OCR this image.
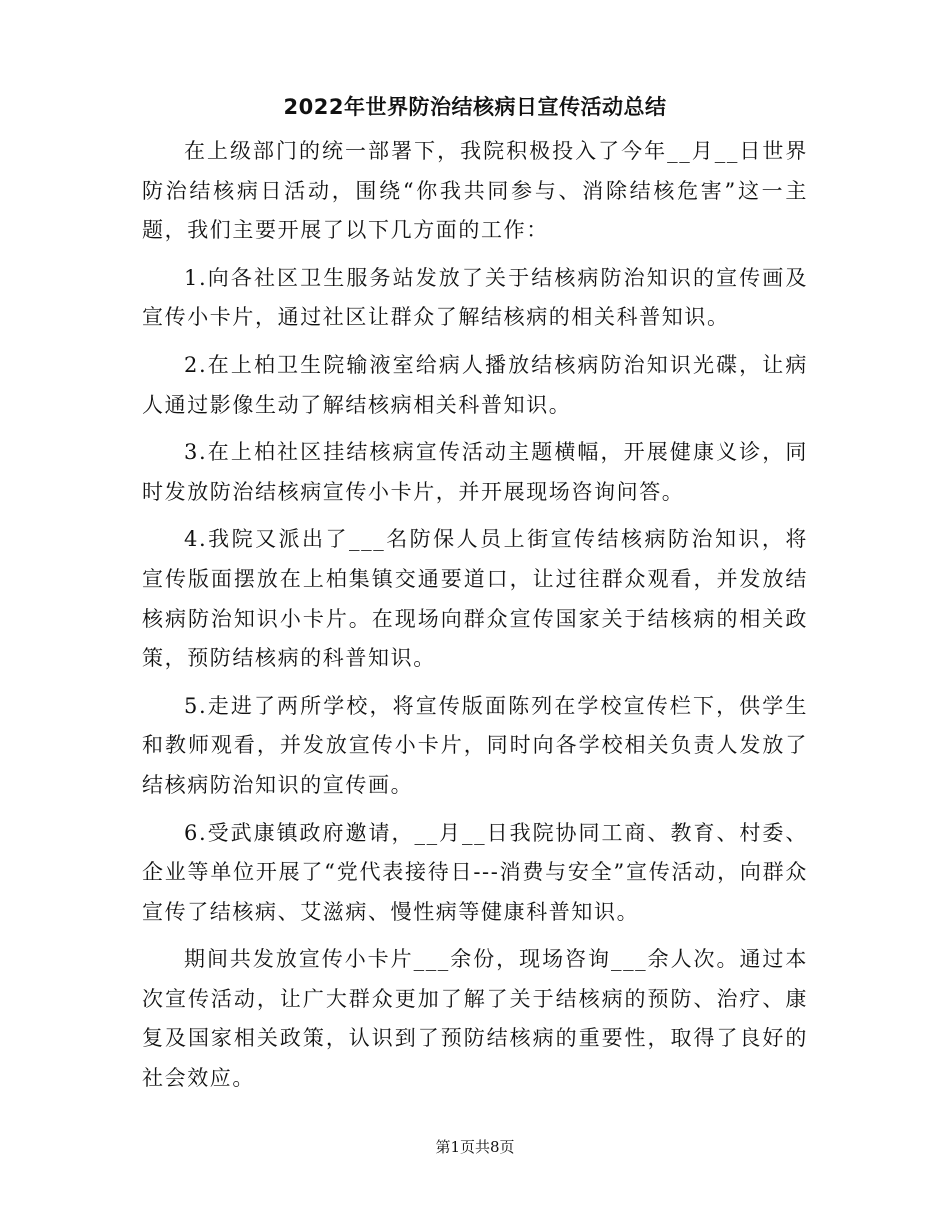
2022年世界防治结核病日宣传活动总结

在上级部门的统一部署下，我院积极投入了今年__月__日世界防治结核病日活动，围绕“你我共同参与、消除结核危害”这一主题，我们主要开展了以下几方面的工作：

1.向各社区卫生服务站发放了关于结核病防治知识的宣传画及宣传小卡片，通过社区让群众了解结核病的相关科普知识。

2.在上柏卫生院输液室给病人播放结核病防治知识光碟，让病人通过影像生动了解结核病相关科普知识。

3.在上柏社区挂结核病宣传活动主题横幅，开展健康义诊，同时发放防治结核病宣传小卡片，并开展现场咨询问答。

4.我院又派出了___名防保人员上街宣传结核病防治知识，将宣传版面摆放在上柏集镇交通要道口，让过往群众观看，并发放结核病防治知识小卡片。在现场向群众宣传国家关于结核病的相关政策，预防结核病的科普知识。

5.走进了两所学校，将宣传版面陈列在学校宣传栏下，供学生和教师观看，并发放宣传小卡片，同时向各学校相关负责人发放了结核病防治知识的宣传画。

6.受武康镇政府邀请，__月__日我院协同工商、教育、村委、企业等单位开展了“党代表接待日---消费与安全”宣传活动，向群众宣传了结核病、艾滋病、慢性病等健康科普知识。

期间共发放宣传小卡片___余份，现场咨询___余人次。通过本次宣传活动，让广大群众更加了解了关于结核病的预防、治疗、康复及国家相关政策，认识到了预防结核病的重要性，取得了良好的社会效应。

第1页共8页
